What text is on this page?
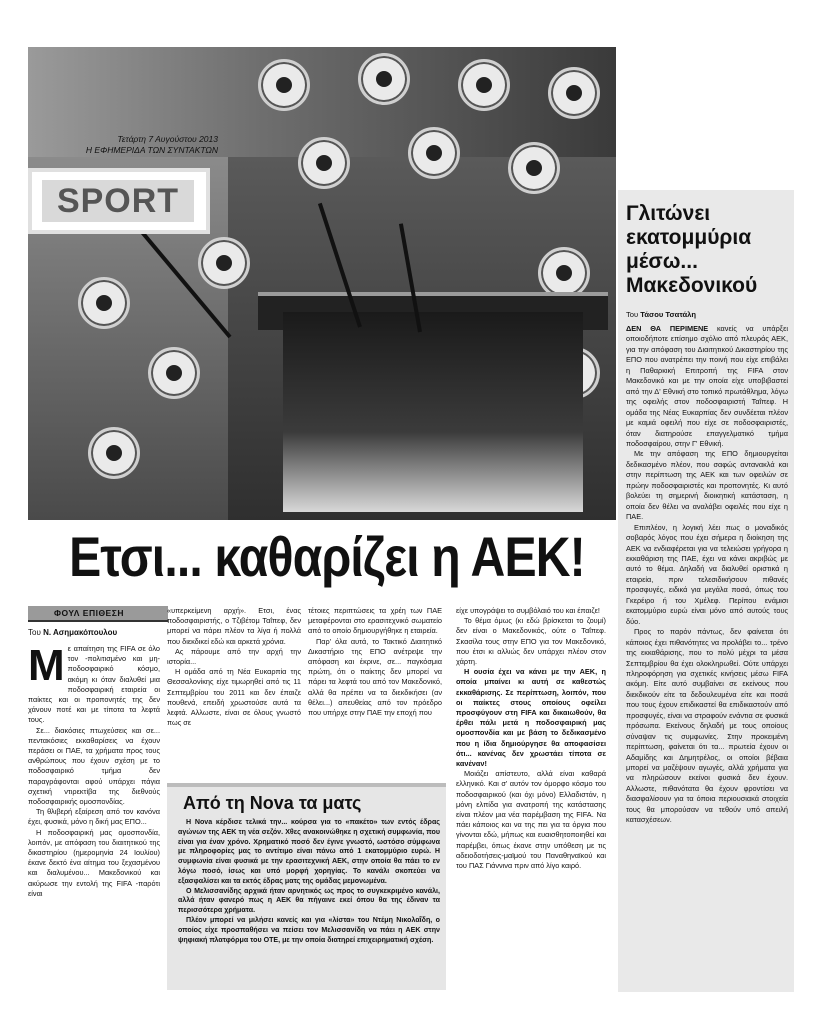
Τετάρτη 7 Αυγούστου 2013
Η ΕΦΗΜΕΡΙΔΑ ΤΩΝ ΣΥΝΤΑΚΤΩΝ
SPORT
Ετσι... καθαρίζει η ΑΕΚ!
Γλιτώνει εκατομμύρια μέσω... Μακεδονικού
Του Τάσου Τσατάλη

ΔΕΝ ΘΑ ΠΕΡΙΜΕΝΕ κανείς να υπάρξει οποιοδήποτε επίσημο σχόλιο από πλευράς ΑΕΚ, για την απόφαση του Διαιτητικού Δικαστηρίου της ΕΠΟ που ανατρέπει την ποινή που είχε επιβάλει η Παθαρκική Επιτροπή της FIFA στον Μακεδονικό και με την οποία είχε υποβιβαστεί από την Δ' Εθνική στο τοπικό πρωτάθλημα, λόγω της οφειλής στον ποδοσφαιριστή Ταΐπεφ. Η ομάδα της Νέας Ευκαρπίας δεν συνδέεται πλέον με καμιά οφειλή που είχε σε ποδοσφαιριστές, όταν διατηρούσε επαγγελματικό τμήμα ποδοσφαίρου, στην Γ' Εθνική.

Με την απόφαση της ΕΠΟ δημιουργείται δεδικασμένο πλέον, που σαφώς αντανακλά και στην περίπτωση της ΑΕΚ και των οφειλών σε πρώην ποδοσφαιριστές και προπονητές. Κι αυτό βολεύει τη σημερινή διοικητική κατάσταση, η οποία δεν θέλει να αναλάβει οφειλές που είχε η ΠΑΕ.

Επιπλέον, η λογική λέει πως ο μοναδικός σοβαρός λόγος που έχει σήμερα η διοίκηση της ΑΕΚ να ενδιαφέρεται για να τελειώσει γρήγορα η εκκαθάριση της ΠΑΕ, έχει να κάνει ακριβώς με αυτό το θέμα. Δηλαδή να διαλυθεί οριστικά η εταιρεία, πριν τελεσιδικήσουν πιθανές προσφυγές, ειδικά για μεγάλα ποσά, όπως του Γκερέιρο ή του Χμέλεφ. Περίπου ενάμισι εκατομμύριο ευρώ είναι μόνο από αυτούς τους δύο.

Προς το παρόν πάντως, δεν φαίνεται ότι κάποιος έχει πιθανότητες να προλάβει το... τρένο της εκκαθάρισης, που το πολύ μέχρι τα μέσα Σεπτεμβρίου θα έχει ολοκληρωθεί. Ούτε υπάρχει πληροφόρηση για σχετικές κινήσεις μέσω FIFA ακόμη. Είτε αυτό συμβαίνει σε εκείνους που διεκδικούν είτε τα δεδουλευμένα είτε και ποσά που τους έχουν επιδικαστεί θα επιδικαστούν από προσφυγές, είναι να στραφούν ενάντια σε φυσικά πρόσωπα. Εκείνους δηλαδή με τους οποίους σύναψαν τις συμφωνίες. Στην προκειμένη περίπτωση, φαίνεται ότι τα... πρωτεία έχουν οι Αδαμίδης και Δημητρέλος, οι οποίοι βέβαια μπορεί να μαζέψουν αγωγές, αλλά χρήματα για να πληρώσουν εκείνοι φυσικά δεν έχουν. Αλλωστε, πιθανότατα θα έχουν φροντίσει να διασφαλίσουν για τα όποια περιουσιακά στοιχεία τους θα μπορούσαν να τεθούν υπό απειλή κατασχέσεων.

ΦΟΥΛ ΕΠΙΘΕΣΗ
Του Ν. Ασημακόπουλου

Με απαίτηση της FIFA σε όλο τον -πολιτισμένο και μη- ποδοσφαιρικό κόσμο, ακόμη κι όταν διαλυθεί μια ποδοσφαιρική εταιρεία οι παίκτες και οι προπονητές της δεν χάνουν ποτέ και με τίποτα τα λεφτά τους.

Σε... διακόσιες πτωχεύσεις και σε... πεντακόσιες εκκαθαρίσεις να έχουν περάσει οι ΠΑΕ, τα χρήματα προς τους ανθρώπους που έχουν σχέση με το ποδοσφαιρικό τμήμα δεν παραγράφονται αφού υπάρχει πάγια σχετική ντιρεκτίβα της διεθνούς ποδοσφαιρικής ομοσπονδίας.

Τη θλιβερή εξαίρεση από τον κανόνα έχει, φυσικά, μόνο η δική μας ΕΠΟ...

Η ποδοσφαιρική μας ομοσπονδία, λοιπόν, με απόφαση του διαιτητικού της δικαστηρίου (ημερομηνία 24 Ιουλίου) έκανε δεκτό ένα αίτημα του ξεχασμένου και διαλυμένου... Μακεδονικού και ακύρωσε την εντολή της FIFA -παρότι είναι

«υπερκείμενη αρχή». Ετσι, ένας ποδοσφαιριστής, ο Τζιβέτομ Ταΐπεφ, δεν μπορεί να πάρει πλέον τα λίγα ή πολλά που διεκδικεί εδώ και αρκετά χρόνια.

Ας πάρουμε από την αρχή την ιστορία...

Η ομάδα από τη Νέα Ευκαρπία της Θεσσαλονίκης είχε τιμωρηθεί από τις 11 Σεπτεμβρίου του 2011 και δεν έπαιζε πουθενά, επειδή χρωστούσε αυτά τα λεφτά. Αλλωστε, είναι σε όλους γνωστό πως σε

τέτοιες περιπτώσεις τα χρέη των ΠΑΕ μεταφέρονται στο ερασιτεχνικό σωματείο από το οποίο δημιουργήθηκε η εταιρεία.

Παρ' όλα αυτά, το Τακτικό Διαιτητικό Δικαστήριο της ΕΠΟ ανέτρεψε την απόφαση και έκρινε, σε... παγκόσμια πρώτη, ότι ο παίκτης δεν μπορεί να πάρει τα λεφτά του από τον Μακεδονικό, αλλά θα πρέπει να τα διεκδικήσει (αν θέλει...) απευθείας από τον πρόεδρο που υπήρχε στην ΠΑΕ την εποχή που

είχε υπογράψει το συμβόλαιό του και έπαιζε!

Το θέμα όμως (κι εδώ βρίσκεται το ζουμί) δεν είναι ο Μακεδονικός, ούτε ο Ταΐπεφ. Σκασίλα τους στην ΕΠΟ για τον Μακεδονικό, που έτσι κι αλλιώς δεν υπάρχει πλέον στον χάρτη.

Η ουσία έχει να κάνει με την ΑΕΚ, η οποία μπαίνει κι αυτή σε καθεστώς εκκαθάρισης. Σε περίπτωση, λοιπόν, που οι παίκτες στους οποίους οφείλει προσφύγουν στη FIFA και δικαιωθούν, θα έρθει πάλι μετά η ποδοσφαιρική μας ομοσπονδία και με βάση το δεδικασμένο που η ίδια δημιούργησε θα αποφασίσει ότι... κανένας δεν χρωστάει τίποτα σε κανέναν!

Μοιάζει απίστευτο, αλλά είναι καθαρά ελληνικό. Και σ' αυτόν τον όμορφο κόσμο του ποδοσφαιρικού (και όχι μόνο) Ελλαδιστάν, η μόνη ελπίδα για ανατροπή της κατάστασης είναι πλέον μια νέα παρέμβαση της FIFA. Να πάει κάποιος και να της πει για τα όργια που γίνονται εδώ, μήπως και ευαισθητοποιηθεί και παρέμβει, όπως έκανε στην υπόθεση με τις αδειοδοτήσεις-μαϊμού του Παναθηναϊκού και του ΠΑΣ Γιάννινα πριν από λίγο καιρό.

Από τη Nova τα ματς

Η Nova κέρδισε τελικά την... κούρσα για το «πακέτο» των εντός έδρας αγώνων της ΑΕΚ τη νέα σεζόν. Χθες ανακοινώθηκε η σχετική συμφωνία, που είναι για έναν χρόνο. Χρηματικό ποσό δεν έγινε γνωστό, ωστόσο σύμφωνα με πληροφορίες μας το αντίτιμο είναι πάνω από 1 εκατομμύριο ευρώ. Η συμφωνία είναι φυσικά με την ερασιτεχνική ΑΕΚ, στην οποία θα πάει το εν λόγω ποσό, ίσως και υπό μορφή χορηγίας. Το κανάλι σκοπεύει να εξασφαλίσει και τα εκτός έδρας ματς της ομάδας μεμονωμένα.

Ο Μελισσανίδης αρχικά ήταν αρνητικός ως προς το συγκεκριμένο κανάλι, αλλά ήταν φανερό πως η ΑΕΚ θα πήγαινε εκεί όπου θα της έδιναν τα περισσότερα χρήματα.

Πλέον μπορεί να μιλήσει κανείς και για «λίστα» του Ντέμη Νικολαΐδη, ο οποίος είχε προσπαθήσει να πείσει τον Μελισσανίδη να πάει η ΑΕΚ στην ψηφιακή πλατφόρμα του ΟΤΕ, με την οποία διατηρεί επιχειρηματική σχέση.
